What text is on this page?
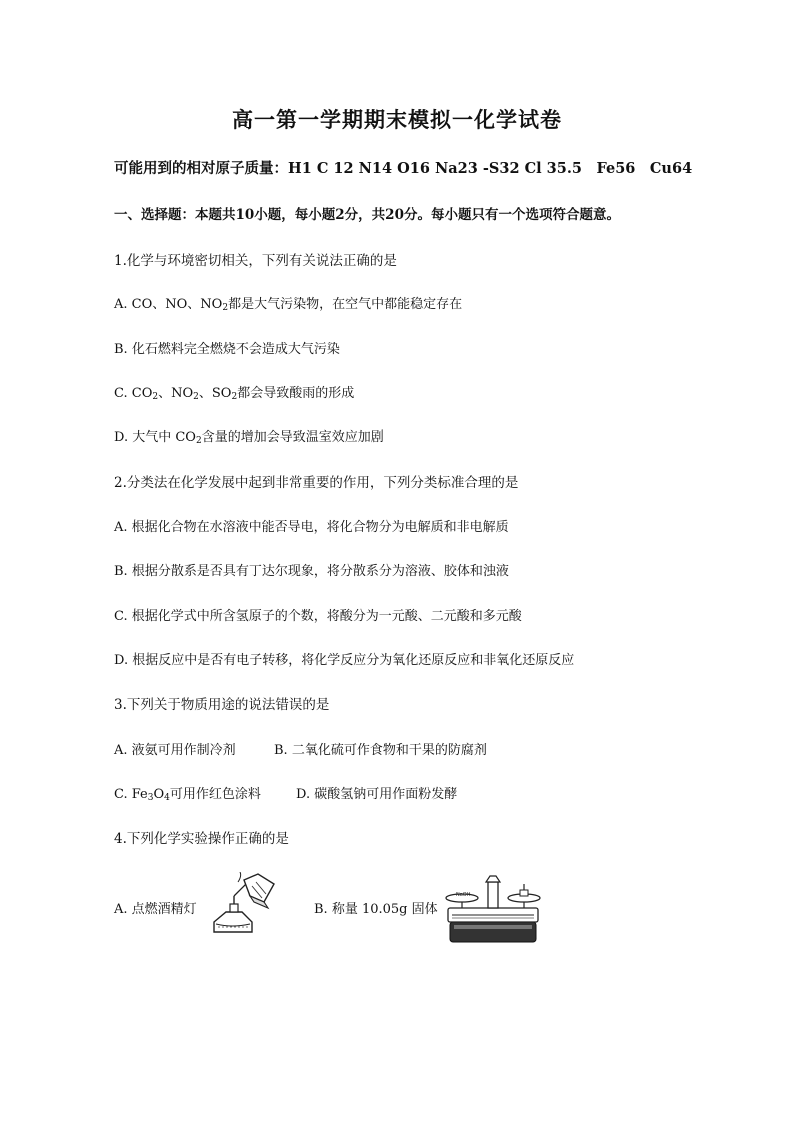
高一第一学期期末模拟一化学试卷
可能用到的相对原子质量：H1 C 12 N14 O16 Na23 -S32 Cl 35.5　Fe56　Cu64
一、选择题：本题共10小题，每小题2分，共20分。每小题只有一个选项符合题意。
1.化学与环境密切相关，下列有关说法正确的是
A. CO、NO、$NO_2$都是大气污染物，在空气中都能稳定存在
B. 化石燃料完全燃烧不会造成大气污染
C. $CO_2$、$NO_2$、$SO_2$都会导致酸雨的形成
D. 大气中 $CO_2$含量的增加会导致温室效应加剧
2.分类法在化学发展中起到非常重要的作用，下列分类标准合理的是
A. 根据化合物在水溶液中能否导电，将化合物分为电解质和非电解质
B. 根据分散系是否具有丁达尔现象，将分散系分为溶液、胶体和浊液
C. 根据化学式中所含氢原子的个数，将酸分为一元酸、二元酸和多元酸
D. 根据反应中是否有电子转移，将化学反应分为氧化还原反应和非氧化还原反应
3.下列关于物质用途的说法错误的是
A. 液氨可用作制冷剂	B. 二氧化硫可作食物和干果的防腐剂
C. $Fe_3O_4$可用作红色涂料	D. 碳酸氢钠可用作面粉发酵
4.下列化学实验操作正确的是
A. 点燃酒精灯	B. 称量 10.05g 固体
NaOH
